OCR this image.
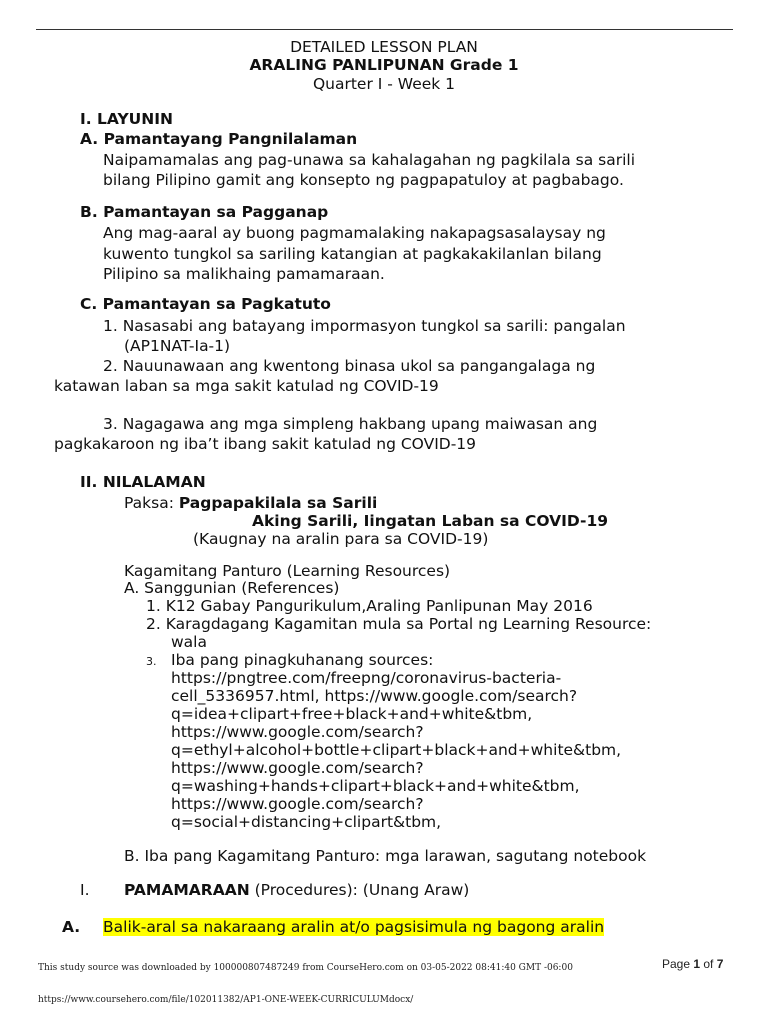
DETAILED LESSON PLAN
ARALING PANLIPUNAN Grade 1
Quarter I - Week 1
I. LAYUNIN
A. Pamantayang Pangnilalaman
Naipamamalas ang pag-unawa sa kahalagahan ng pagkilala sa sarili
bilang Pilipino gamit ang konsepto ng pagpapatuloy at pagbabago.
B. Pamantayan sa Pagganap
Ang mag-aaral ay buong pagmamalaking nakapagsasalaysay ng
kuwento tungkol sa sariling katangian at pagkakakilanlan bilang
Pilipino sa malikhaing pamamaraan.
C. Pamantayan sa Pagkatuto
1. Nasasabi ang batayang impormasyon tungkol sa sarili: pangalan
(AP1NAT-Ia-1)
2. Nauunawaan ang kwentong binasa ukol sa pangangalaga ng
katawan laban sa mga sakit katulad ng COVID-19
3. Nagagawa ang mga simpleng hakbang upang maiwasan ang
pagkakaroon ng iba’t ibang sakit katulad ng COVID-19
II. NILALAMAN
Paksa: Pagpapakilala sa Sarili
Aking Sarili, Iingatan Laban sa COVID-19
(Kaugnay na aralin para sa COVID-19)
Kagamitang Panturo (Learning Resources)
A. Sanggunian (References)
1. K12 Gabay Pangurikulum,Araling Panlipunan May 2016
2. Karagdagang Kagamitan mula sa Portal ng Learning Resource:
wala
3. Iba pang pinagkuhanang sources:
https://pngtree.com/freepng/coronavirus-bacteria-
cell_5336957.html, https://www.google.com/search?
q=idea+clipart+free+black+and+white&tbm,
https://www.google.com/search?
q=ethyl+alcohol+bottle+clipart+black+and+white&tbm,
https://www.google.com/search?
q=washing+hands+clipart+black+and+white&tbm,
https://www.google.com/search?
q=social+distancing+clipart&tbm,
B. Iba pang Kagamitang Panturo: mga larawan, sagutang notebook
I. PAMAMARAAN (Procedures): (Unang Araw)
A. Balik-aral sa nakaraang aralin at/o pagsisimula ng bagong aralin
This study source was downloaded by 100000807487249 from CourseHero.com on 03-05-2022 08:41:40 GMT -06:00	Page 1 of 7
https://www.coursehero.com/file/102011382/AP1-ONE-WEEK-CURRICULUMdocx/
